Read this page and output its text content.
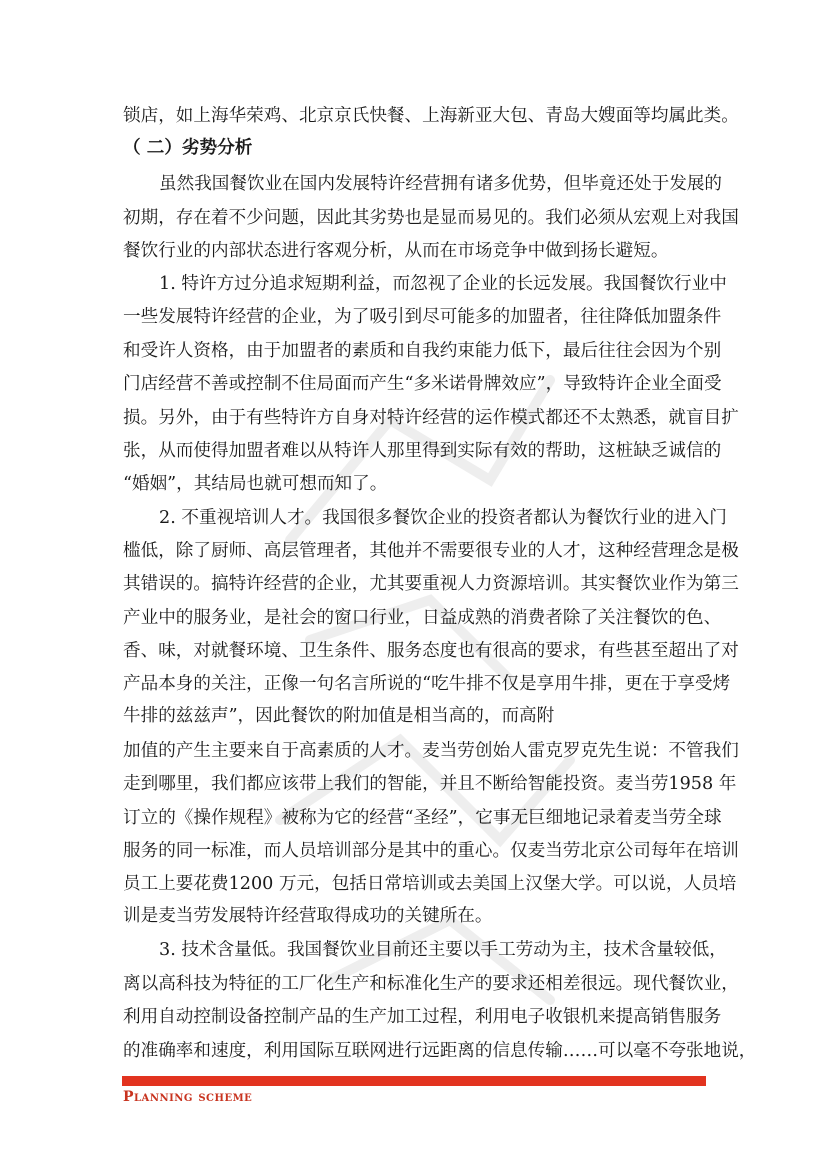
锁店，如上海华荣鸡、北京京氏快餐、上海新亚大包、青岛大嫂面等均属此类。
（ 二）劣势分析
虽然我国餐饮业在国内发展特许经营拥有诸多优势，但毕竟还处于发展的
初期，存在着不少问题，因此其劣势也是显而易见的。我们必须从宏观上对我国
餐饮行业的内部状态进行客观分析，从而在市场竞争中做到扬长避短。
1. 特许方过分追求短期利益，而忽视了企业的长远发展。我国餐饮行业中
一些发展特许经营的企业，为了吸引到尽可能多的加盟者，往往降低加盟条件
和受许人资格，由于加盟者的素质和自我约束能力低下，最后往往会因为个别
门店经营不善或控制不住局面而产生“多米诺骨牌效应”，导致特许企业全面受
损。另外，由于有些特许方自身对特许经营的运作模式都还不太熟悉，就盲目扩
张，从而使得加盟者难以从特许人那里得到实际有效的帮助，这桩缺乏诚信的
“婚姻”，其结局也就可想而知了。
2. 不重视培训人才。我国很多餐饮企业的投资者都认为餐饮行业的进入门
槛低，除了厨师、高层管理者，其他并不需要很专业的人才，这种经营理念是极
其错误的。搞特许经营的企业，尤其要重视人力资源培训。其实餐饮业作为第三
产业中的服务业，是社会的窗口行业，日益成熟的消费者除了关注餐饮的色、
香、味，对就餐环境、卫生条件、服务态度也有很高的要求，有些甚至超出了对
产品本身的关注，正像一句名言所说的“吃牛排不仅是享用牛排，更在于享受烤
牛排的兹兹声”，因此餐饮的附加值是相当高的，而高附
加值的产生主要来自于高素质的人才。麦当劳创始人雷克罗克先生说：不管我们
走到哪里，我们都应该带上我们的智能，并且不断给智能投资。麦当劳1958 年
订立的《操作规程》被称为它的经营“圣经”，它事无巨细地记录着麦当劳全球
服务的同一标准，而人员培训部分是其中的重心。仅麦当劳北京公司每年在培训
员工上要花费1200 万元，包括日常培训或去美国上汉堡大学。可以说，人员培
训是麦当劳发展特许经营取得成功的关键所在。
3. 技术含量低。我国餐饮业目前还主要以手工劳动为主，技术含量较低，
离以高科技为特征的工厂化生产和标准化生产的要求还相差很远。现代餐饮业，
利用自动控制设备控制产品的生产加工过程，利用电子收银机来提高销售服务
的准确率和速度，利用国际互联网进行远距离的信息传输……可以毫不夸张地说，
Planning scheme
